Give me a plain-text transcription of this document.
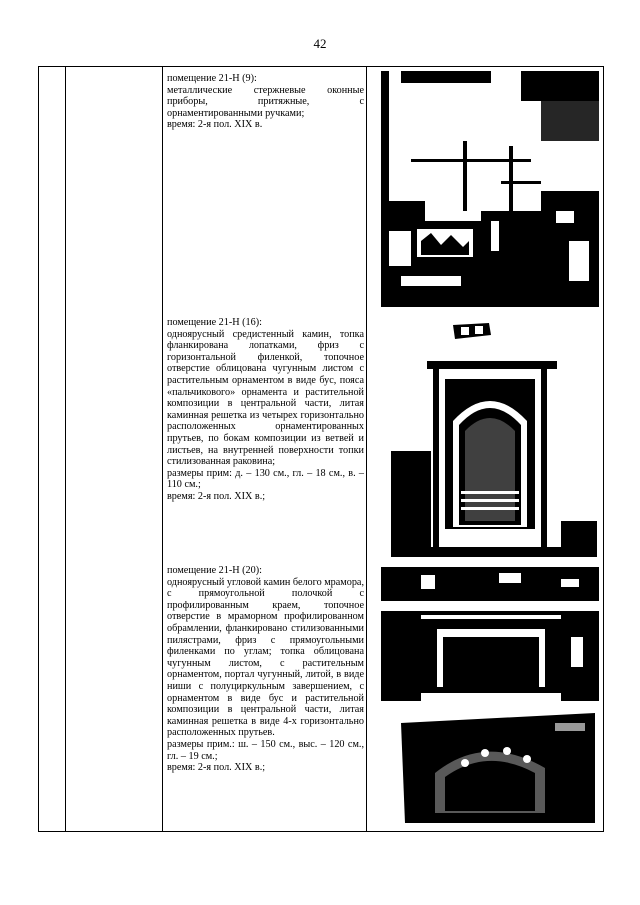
42

помещение 21-Н (9):

металлические стержневые оконные приборы, притяжные, с орнаментированными ручками;

время: 2-я пол. XIX в.

помещение 21-Н (16):

одноярусный средистенный камин, топка фланкирована лопатками, фриз с горизонтальной филенкой, топочное отверстие облицована чугунным листом с растительным орнаментом в виде бус, пояса «пальчикового» орнамента и растительной композиции в центральной части, литая каминная решетка из четырех горизонтально расположенных орнаментированных прутьев, по бокам композиции из ветвей и листьев, на внутренней поверхности топки стилизованная раковина;

размеры прим: д. – 130 см., гл. – 18 см., в. – 110 см.;

время: 2-я пол. XIX в.;

помещение 21-Н (20):

одноярусный угловой камин белого мрамора, с прямоугольной полочкой с профилированным краем, топочное отверстие в мраморном профилированном обрамлении, фланкировано стилизованными пилястрами, фриз с прямоугольными филенками по углам; топка облицована чугунным листом, с растительным орнаментом, портал чугунный, литой, в виде ниши с полуциркульным завершением, с орнаментом в виде бус и растительной композиции в центральной части, литая каминная решетка в виде 4-х горизонтально расположенных прутьев.

размеры прим.: ш. – 150 см., выс. – 120 см., гл. – 19 см.;

время: 2-я пол. XIX в.;
